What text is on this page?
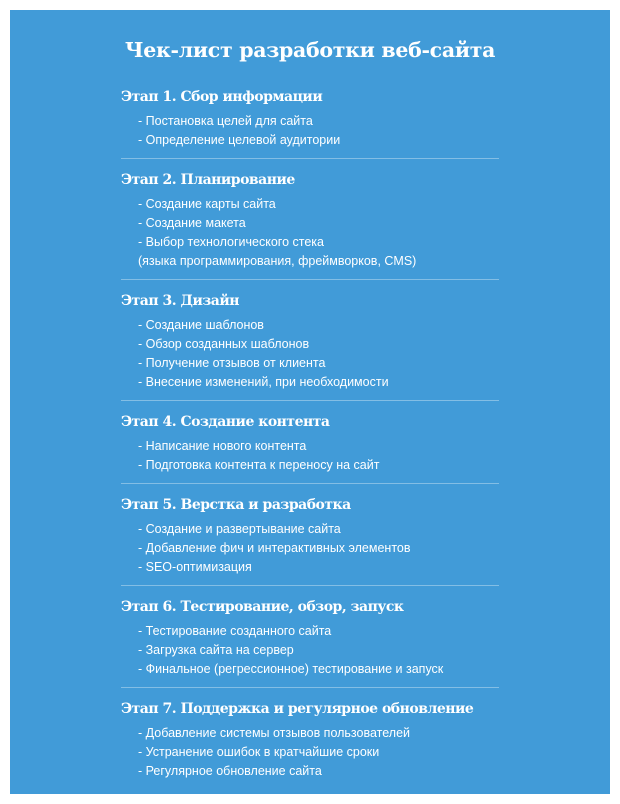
Чек-лист разработки веб-сайта
Этап 1. Сбор информации
- Постановка целей для сайта
- Определение целевой аудитории
Этап 2. Планирование
- Создание карты сайта
- Создание макета
- Выбор технологического стека
(языка программирования, фреймворков, CMS)
Этап 3. Дизайн
- Создание шаблонов
- Обзор созданных шаблонов
- Получение отзывов от клиента
- Внесение изменений, при необходимости
Этап 4. Создание контента
- Написание нового контента
- Подготовка контента к переносу на сайт
Этап 5. Верстка и разработка
- Создание и развертывание сайта
- Добавление фич и интерактивных элементов
- SEO-оптимизация
Этап 6. Тестирование, обзор, запуск
- Тестирование созданного сайта
- Загрузка сайта на сервер
- Финальное (регрессионное) тестирование и запуск
Этап 7. Поддержка и регулярное обновление
- Добавление системы отзывов пользователей
- Устранение ошибок в кратчайшие сроки
- Регулярное обновление сайта
